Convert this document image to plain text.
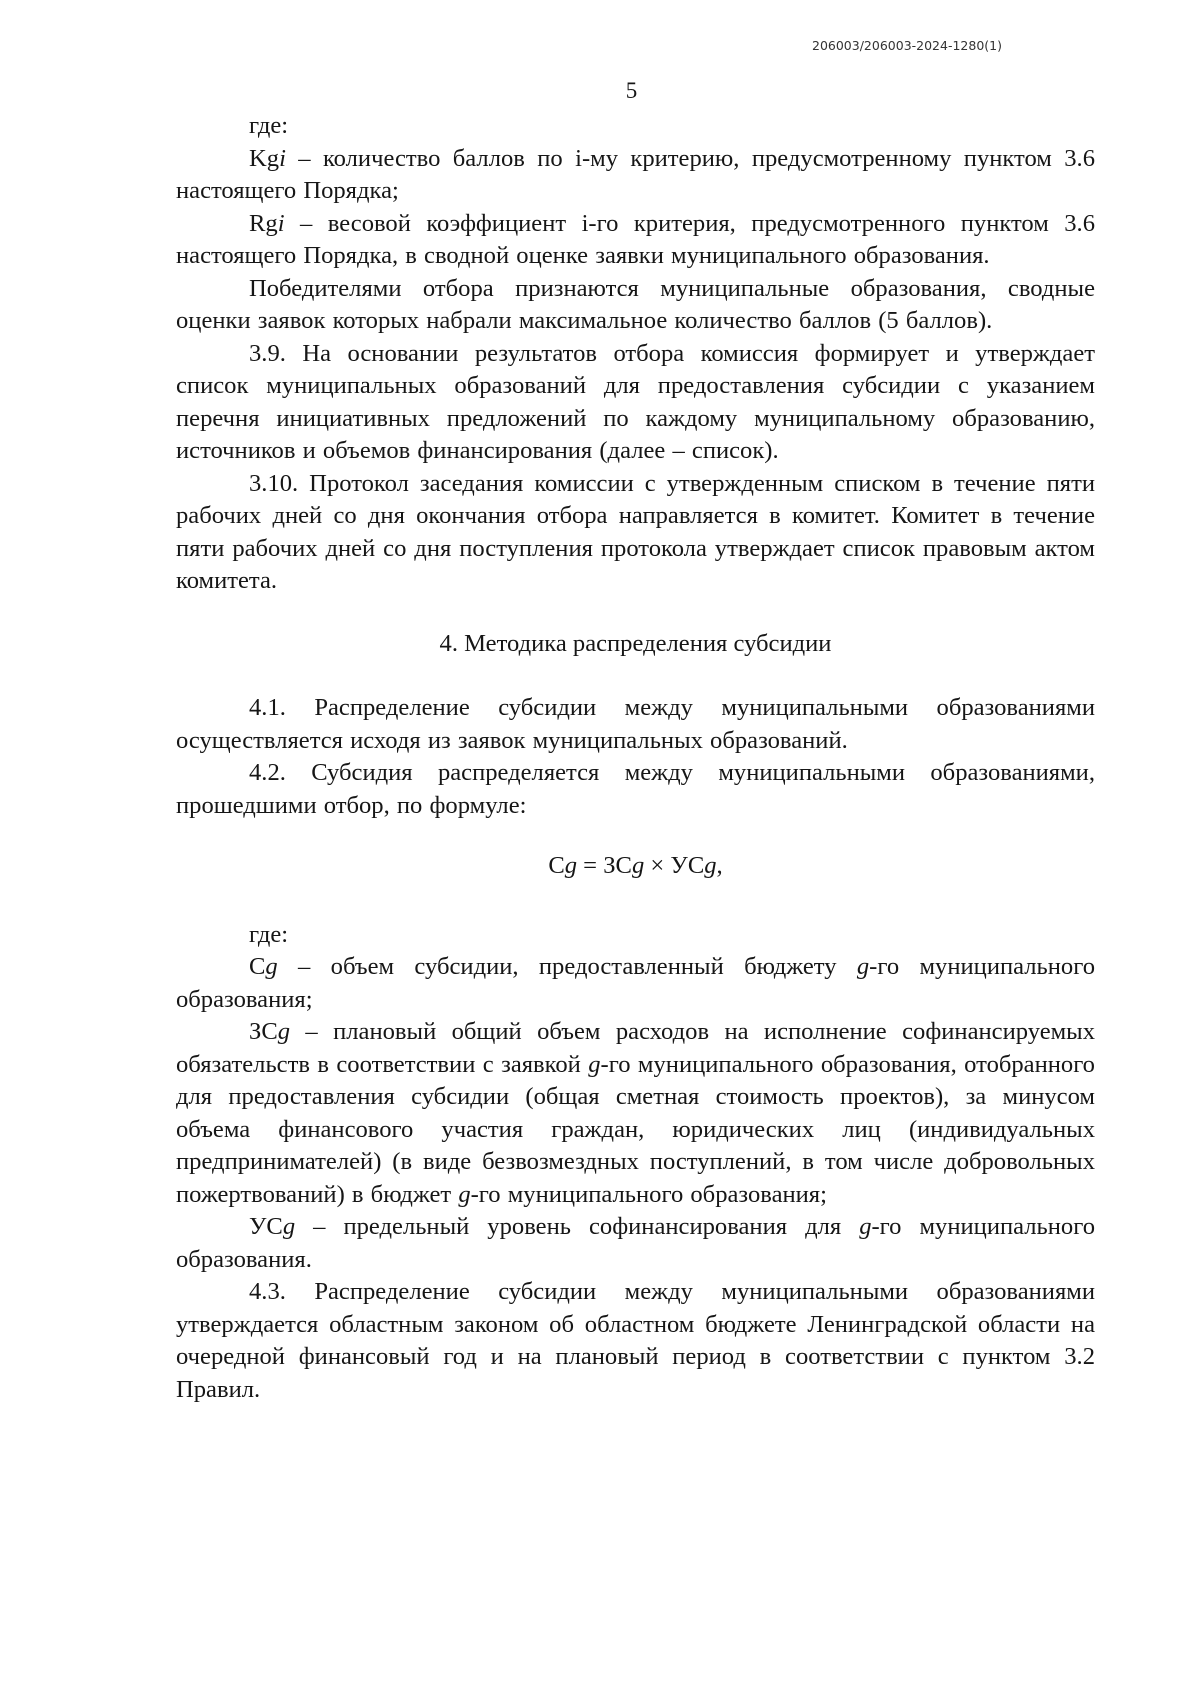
206003/206003-2024-1280(1)
5

где:

Kgi – количество баллов по i-му критерию, предусмотренному пунктом 3.6 настоящего Порядка;

Rgi – весовой коэффициент i-го критерия, предусмотренного пунктом 3.6 настоящего Порядка, в сводной оценке заявки муниципального образования.

Победителями отбора признаются муниципальные образования, сводные оценки заявок которых набрали максимальное количество баллов (5 баллов).

3.9. На основании результатов отбора комиссия формирует и утверждает список муниципальных образований для предоставления субсидии с указанием перечня инициативных предложений по каждому муниципальному образованию, источников и объемов финансирования (далее – список).

3.10. Протокол заседания комиссии с утвержденным списком в течение пяти рабочих дней со дня окончания отбора направляется в комитет. Комитет в течение пяти рабочих дней со дня поступления протокола утверждает список правовым актом комитета.

4. Методика распределения субсидии

4.1. Распределение субсидии между муниципальными образованиями осуществляется исходя из заявок муниципальных образований.

4.2. Субсидия распределяется между муниципальными образованиями, прошедшими отбор, по формуле:

Cg = ЗCg × УCg,

где:

Cg – объем субсидии, предоставленный бюджету g-го муниципального образования;

ЗCg – плановый общий объем расходов на исполнение софинансируемых обязательств в соответствии с заявкой g-го муниципального образования, отобранного для предоставления субсидии (общая сметная стоимость проектов), за минусом объема финансового участия граждан, юридических лиц (индивидуальных предпринимателей) (в виде безвозмездных поступлений, в том числе добровольных пожертвований) в бюджет g-го муниципального образования;

УCg – предельный уровень софинансирования для g-го муниципального образования.

4.3. Распределение субсидии между муниципальными образованиями утверждается областным законом об областном бюджете Ленинградской области на очередной финансовый год и на плановый период в соответствии с пунктом 3.2 Правил.
